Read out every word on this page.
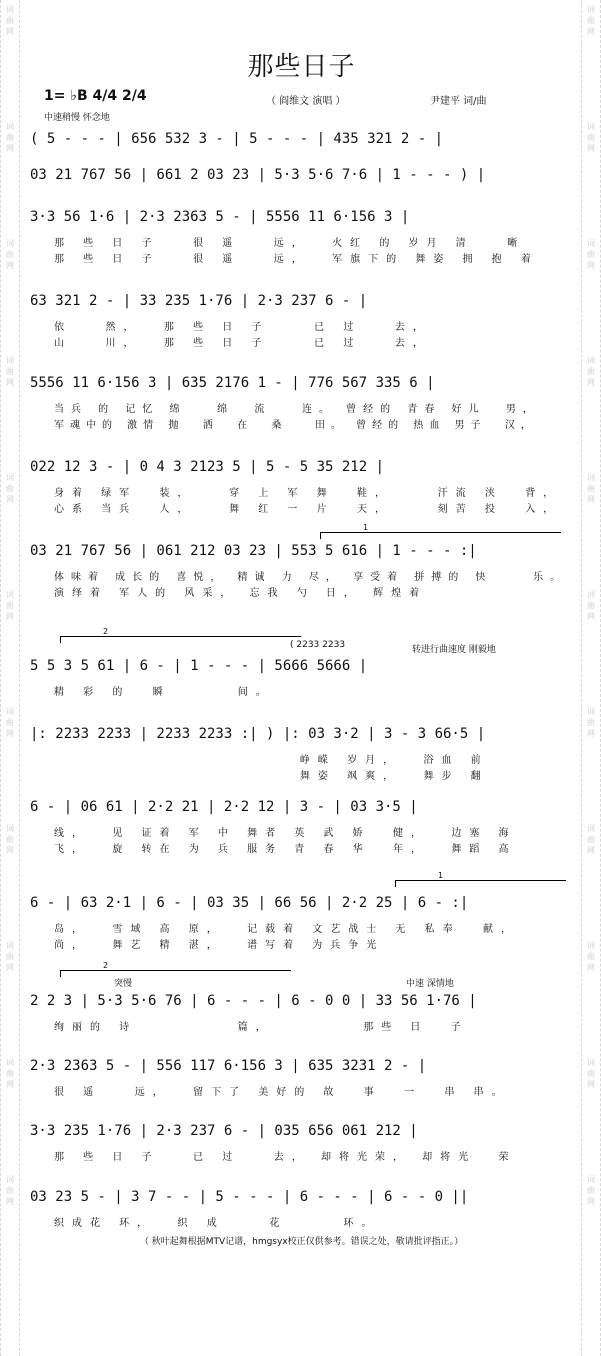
词
曲
网
词
曲
网
词
曲
网
词
曲
网
词
曲
网
词
曲
网
词
曲
网
词
曲
网
词
曲
网
词
曲
网
词
曲
网
词
曲
网
词
曲
网
词
曲
网
词
曲
网
词
曲
网
词
曲
网
词
曲
网
词
曲
网
词
曲
网
词
曲
网
词
曲
网
那些日子
1= ♭B 4/4 2/4	（ 阎维文 演唱 ）	尹建平 词/曲
中速稍慢 怀念地
( 2233 2233	转进行曲速度 刚毅地
突慢	中速 深情地
1
2
1
2
( 5 - - - | 656 532 3 - | 5 - - - | 435 321 2 - |
03 21 767 56 | 661 2 03 23 | 5·3 5·6 7·6 | 1 - - - ) |
3·3 56 1·6 | 2·3 2363 5 - | 5556 11 6·156 3 |
那 些 日 子   很 遥   远，  火红 的 岁月 清   晰
那 些 日 子   很 遥   远，  军旗下的 舞姿 拥 抱 着
63 321 2 - | 33 235 1·76 | 2·3 237 6 - |
依   然，  那 些 日 子    已 过   去，
山   川，  那 些 日 子    已 过   去，
5556 11 6·156 3 | 635 2176 1 - | 776 567 335 6 |
当兵 的 记忆 绵   绵  流   连。 曾经的 青春 好儿  男，
军魂中的 激情 抛  洒  在  桑   田。 曾经的 热血 男子  汉，
022 12 3 - | 0 4 3 2123 5 | 5 - 5 35 212 |
身着 绿军  装，   穿 上 军 舞  鞋，    汗流 浃  背，
心系 当兵  人，   舞 红 一 片  天，    刻苦 投  入，
03 21 767 56 | 061 212 03 23 | 553 5 616 | 1 - - - :|
体味着 成长的 喜悦， 精诚 力 尽， 享受着 拼搏的 快    乐。
演绎着 军人的 风采， 忘我 勺 日， 辉煌着
5 5 3 5 61 | 6 - | 1 - - - | 5666 5666 |
精 彩 的  瞬      间。
|: 2233 2233 | 2233 2233 :| ) |: 03 3·2 | 3 - 3 66·5 |
峥嵘 岁月，  浴血 前
舞姿 飒爽，  舞步 翻
6 - | 06 61 | 2·2 21 | 2·2 12 | 3 - | 03 3·5 |
线，  见 证着 军 中 舞者 英 武 娇  健，  边塞 海
飞，  旋 转在 为 兵 服务 青 春 华  年，  舞蹈 高
6 - | 63 2·1 | 6 - | 03 35 | 66 56 | 2·2 25 | 6 - :|
岛，  雪域 高 原，  记载着 文艺战士 无 私奉  献，
尚，  舞艺 精 湛，  谱写着 为兵争光
2 2 3 | 5·3 5·6 76 | 6 - - - | 6 - 0 0 | 33 56 1·76 |
绚丽的 诗         篇，        那些 日  子
2·3 2363 5 - | 556 117 6·156 3 | 635 3231 2 - |
很 遥   远，  留下了 美好的 故  事  一  串 串。
3·3 235 1·76 | 2·3 237 6 - | 035 656 061 212 |
那 些 日 子   已 过   去， 却将光荣， 却将光  荣
03 23 5 - | 3 7 - - | 5 - - - | 6 - - - | 6 - - 0 ||
织成花 环，  织 成    花     环。
（ 秋叶起舞根据MTV记谱，hmgsyx校正仅供参考。错误之处，敬请批评指正。）
